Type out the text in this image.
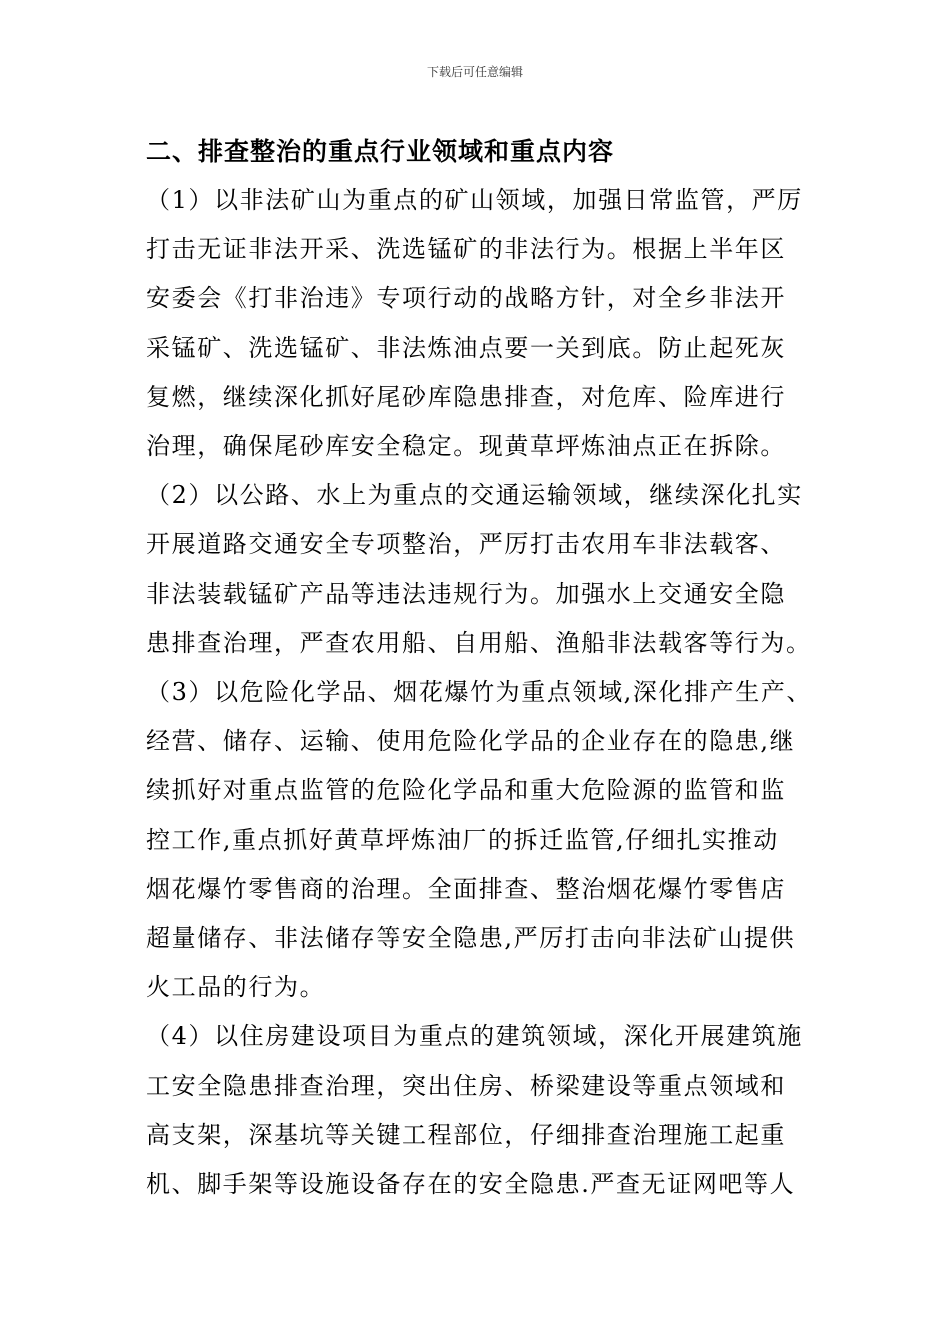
下载后可任意编辑
二、排查整治的重点行业领域和重点内容
（1）以非法矿山为重点的矿山领域，加强日常监管，严厉
打击无证非法开采、洗选锰矿的非法行为。根据上半年区
安委会《打非治违》专项行动的战略方针，对全乡非法开
采锰矿、洗选锰矿、非法炼油点要一关到底。防止起死灰
复燃，继续深化抓好尾砂库隐患排查，对危库、险库进行
治理，确保尾砂库安全稳定。现黄草坪炼油点正在拆除。
（2）以公路、水上为重点的交通运输领域，继续深化扎实
开展道路交通安全专项整治，严厉打击农用车非法载客、
非法装载锰矿产品等违法违规行为。加强水上交通安全隐
患排查治理，严查农用船、自用船、渔船非法载客等行为。
（3）以危险化学品、烟花爆竹为重点领域,深化排产生产、
经营、储存、运输、使用危险化学品的企业存在的隐患,继
续抓好对重点监管的危险化学品和重大危险源的监管和监
控工作,重点抓好黄草坪炼油厂的拆迁监管,仔细扎实推动
烟花爆竹零售商的治理。全面排查、整治烟花爆竹零售店
超量储存、非法储存等安全隐患,严厉打击向非法矿山提供
火工品的行为。
（4）以住房建设项目为重点的建筑领域，深化开展建筑施
工安全隐患排查治理，突出住房、桥梁建设等重点领域和
高支架，深基坑等关键工程部位，仔细排查治理施工起重
机、脚手架等设施设备存在的安全隐患.严查无证网吧等人
